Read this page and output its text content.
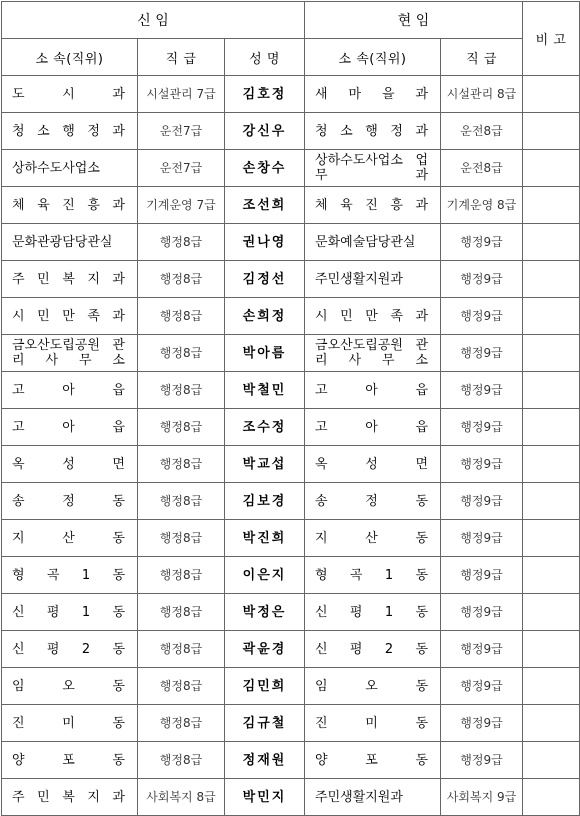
신 임			현 임		비 고
소 속(직위)	직 급	성 명	소 속(직위)	직 급	
도 시 과	시설관리 7급	김호정	새 마 을 과	시설관리 8급	
청 소 행 정 과	운전7급	강신우	청 소 행 정 과	운전8급	
상하수도사업소	운전7급	손창수	상하수도사업소 업 무 과	운전8급	
체 육 진 흥 과	기계운영 7급	조선희	체 육 진 흥 과	기계운영 8급	
문화관광담당관실	행정8급	권나영	문화예술담당관실	행정9급	
주 민 복 지 과	행정8급	김정선	주민생활지원과	행정9급	
시 민 만 족 과	행정8급	손희정	시 민 만 족 과	행정9급	
금오산도립공원 관 리 사 무 소	행정8급	박아름	금오산도립공원 관 리 사 무 소	행정9급	
고 아 읍	행정8급	박철민	고 아 읍	행정9급	
고 아 읍	행정8급	조수정	고 아 읍	행정9급	
옥 성 면	행정8급	박교섭	옥 성 면	행정9급	
송 정 동	행정8급	김보경	송 정 동	행정9급	
지 산 동	행정8급	박진희	지 산 동	행정9급	
형 곡 1 동	행정8급	이은지	형 곡 1 동	행정9급	
신 평 1 동	행정8급	박정은	신 평 1 동	행정9급	
신 평 2 동	행정8급	곽윤경	신 평 2 동	행정9급	
임 오 동	행정8급	김민희	임 오 동	행정9급	
진 미 동	행정8급	김규철	진 미 동	행정9급	
양 포 동	행정8급	정재원	양 포 동	행정9급	
주 민 복 지 과	사회복지 8급	박민지	주민생활지원과	사회복지 9급	
